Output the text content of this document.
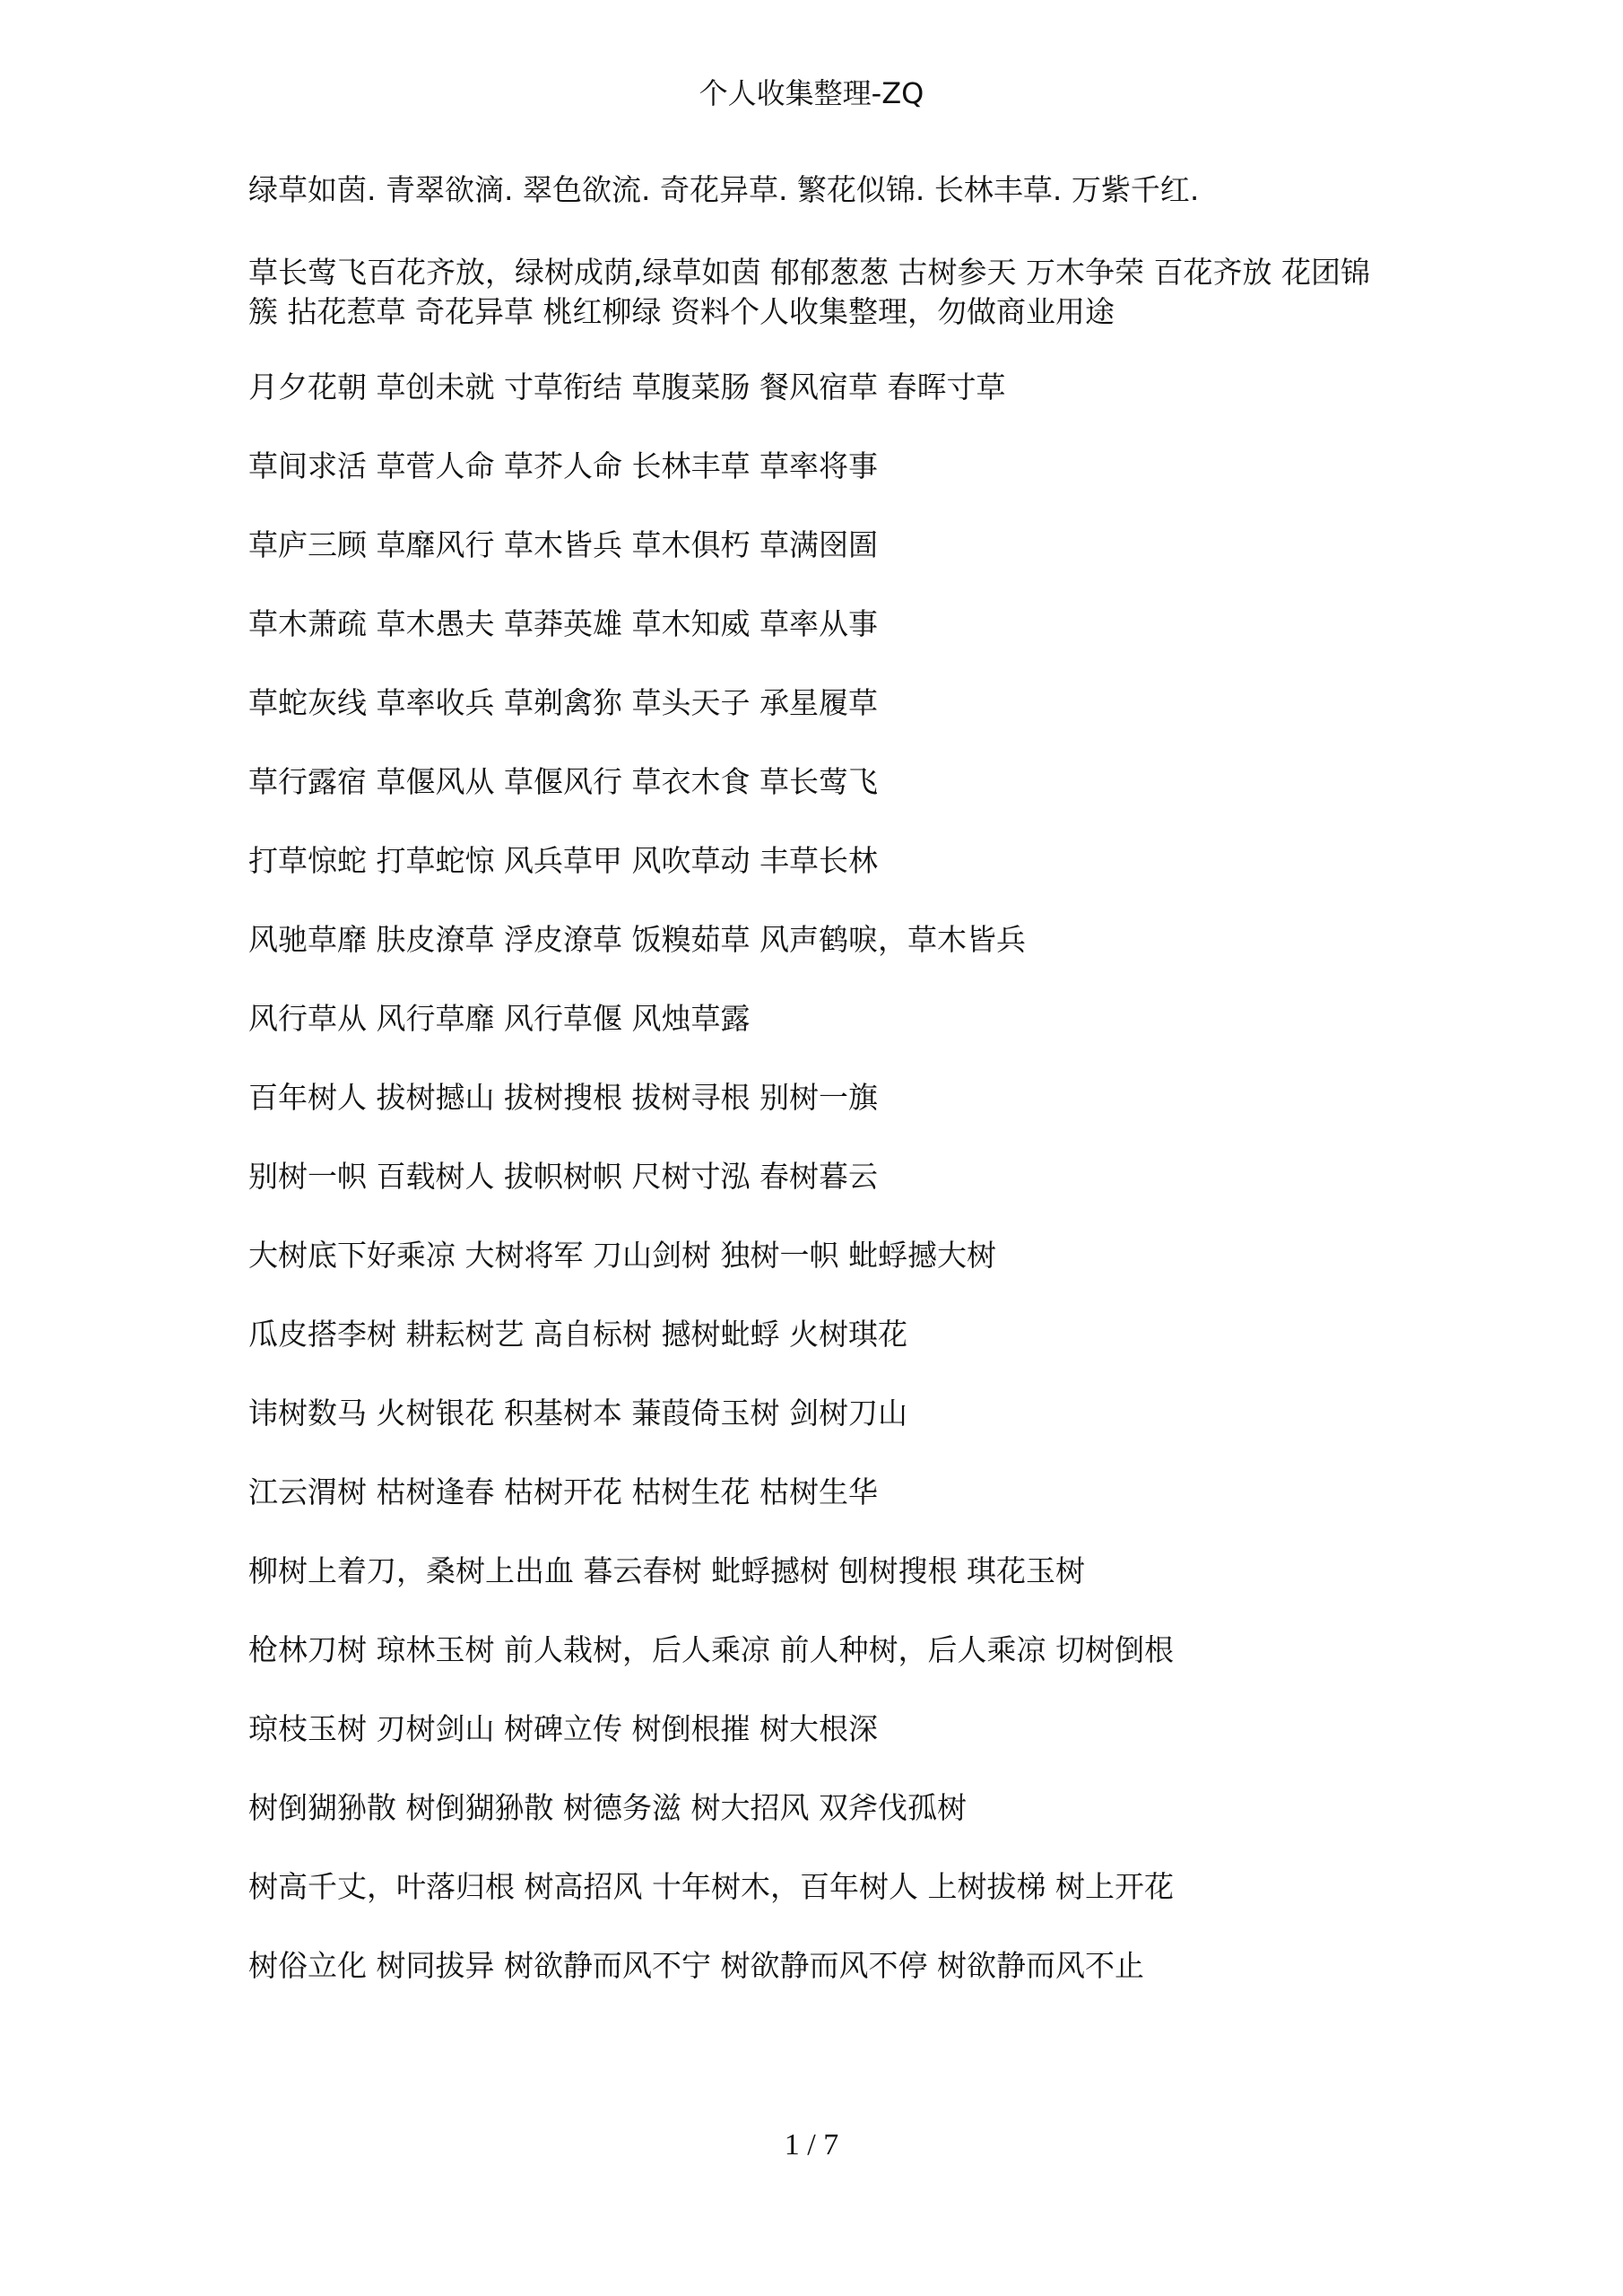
个人收集整理-ZQ

绿草如茵. 青翠欲滴. 翠色欲流. 奇花异草. 繁花似锦. 长林丰草. 万紫千红.

草长莺飞百花齐放，绿树成荫,绿草如茵 郁郁葱葱 古树参天 万木争荣 百花齐放 花团锦簇 拈花惹草 奇花异草 桃红柳绿 资料个人收集整理，勿做商业用途

月夕花朝 草创未就 寸草衔结 草腹菜肠 餐风宿草 春晖寸草

草间求活 草菅人命 草芥人命 长林丰草 草率将事

草庐三顾 草靡风行 草木皆兵 草木俱朽 草满囹圄

草木萧疏 草木愚夫 草莽英雄 草木知威 草率从事

草蛇灰线 草率收兵 草剃禽狝 草头天子 承星履草

草行露宿 草偃风从 草偃风行 草衣木食 草长莺飞

打草惊蛇 打草蛇惊 风兵草甲 风吹草动 丰草长林

风驰草靡 肤皮潦草 浮皮潦草 饭糗茹草 风声鹤唳，草木皆兵

风行草从 风行草靡 风行草偃 风烛草露

百年树人 拔树撼山 拔树搜根 拔树寻根 别树一旗

别树一帜 百载树人 拔帜树帜 尺树寸泓 春树暮云

大树底下好乘凉 大树将军 刀山剑树 独树一帜 蚍蜉撼大树

瓜皮搭李树 耕耘树艺 高自标树 撼树蚍蜉 火树琪花

讳树数马 火树银花 积基树本 蒹葭倚玉树 剑树刀山

江云渭树 枯树逢春 枯树开花 枯树生花 枯树生华

柳树上着刀，桑树上出血 暮云春树 蚍蜉撼树 刨树搜根 琪花玉树

枪林刀树 琼林玉树 前人栽树，后人乘凉 前人种树，后人乘凉 切树倒根

琼枝玉树 刃树剑山 树碑立传 树倒根摧 树大根深

树倒猢狲散 树倒猢狲散 树德务滋 树大招风 双斧伐孤树

树高千丈，叶落归根 树高招风 十年树木，百年树人 上树拔梯 树上开花

树俗立化 树同拔异 树欲静而风不宁 树欲静而风不停 树欲静而风不止

1 / 7
